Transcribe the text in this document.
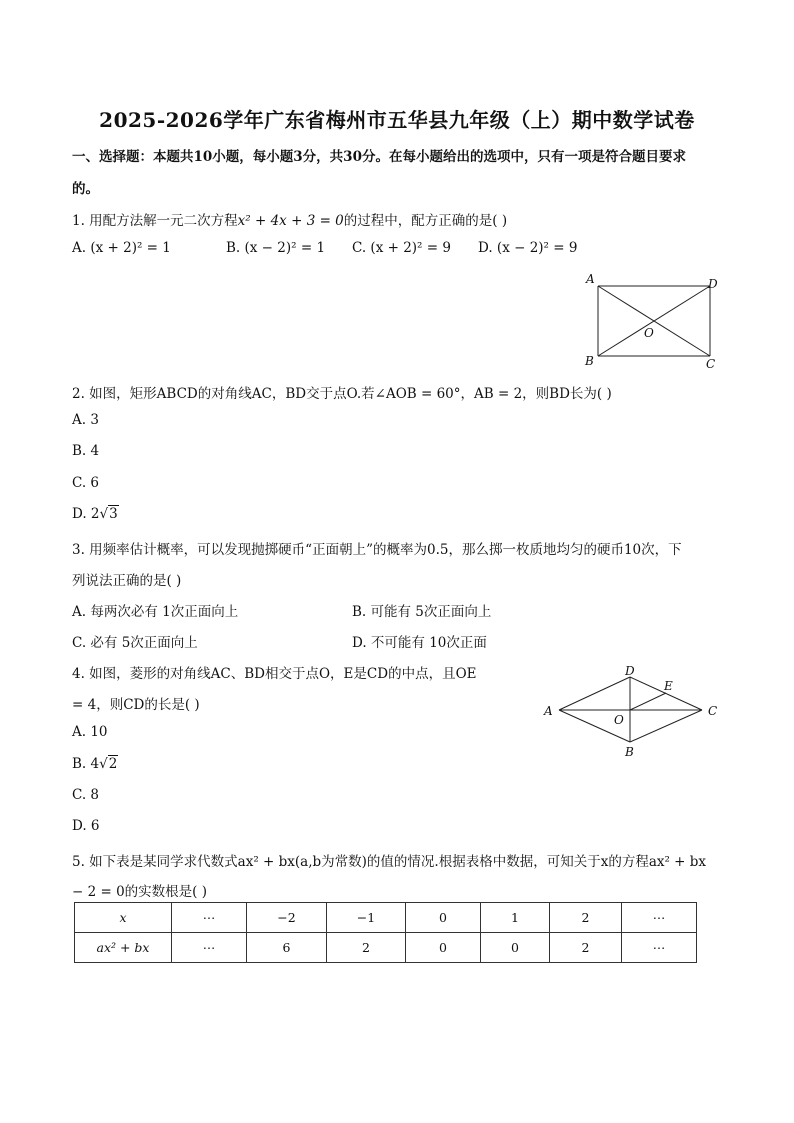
2025-2026学年广东省梅州市五华县九年级（上）期中数学试卷
一、选择题：本题共10小题，每小题3分，共30分。在每小题给出的选项中，只有一项是符合题目要求
的。
1. 用配方法解一元二次方程x² + 4x + 3 = 0的过程中，配方正确的是( )
A. (x + 2)² = 1	B. (x − 2)² = 1 C. (x + 2)² = 9 D. (x − 2)² = 9
A	D
O
B	C
2. 如图，矩形ABCD的对角线AC，BD交于点O.若∠AOB = 60°，AB = 2，则BD长为( )
A. 3
B. 4
C. 6
D. 2√3
3. 用频率估计概率，可以发现抛掷硬币“正面朝上”的概率为0.5，那么掷一枚质地均匀的硬币10次，下
列说法正确的是( )
A. 每两次必有 1次正面向上	B. 可能有 5次正面向上
C. 必有 5次正面向上	D. 不可能有 10次正面
4. 如图，菱形的对角线AC、BD相交于点O，E是CD的中点，且OE
= 4，则CD的长是( )
A. 10
B. 4√2
C. 8
D. 6
D
E
A	C
O
B
5. 如下表是某同学求代数式ax² + bx(a,b为常数)的值的情况.根据表格中数据，可知关于x的方程ax² + bx
− 2 = 0的实数根是( )
x	⋯	−2	−1	0	1	2	⋯
ax² + bx	⋯	6	2	0	0	2	⋯
